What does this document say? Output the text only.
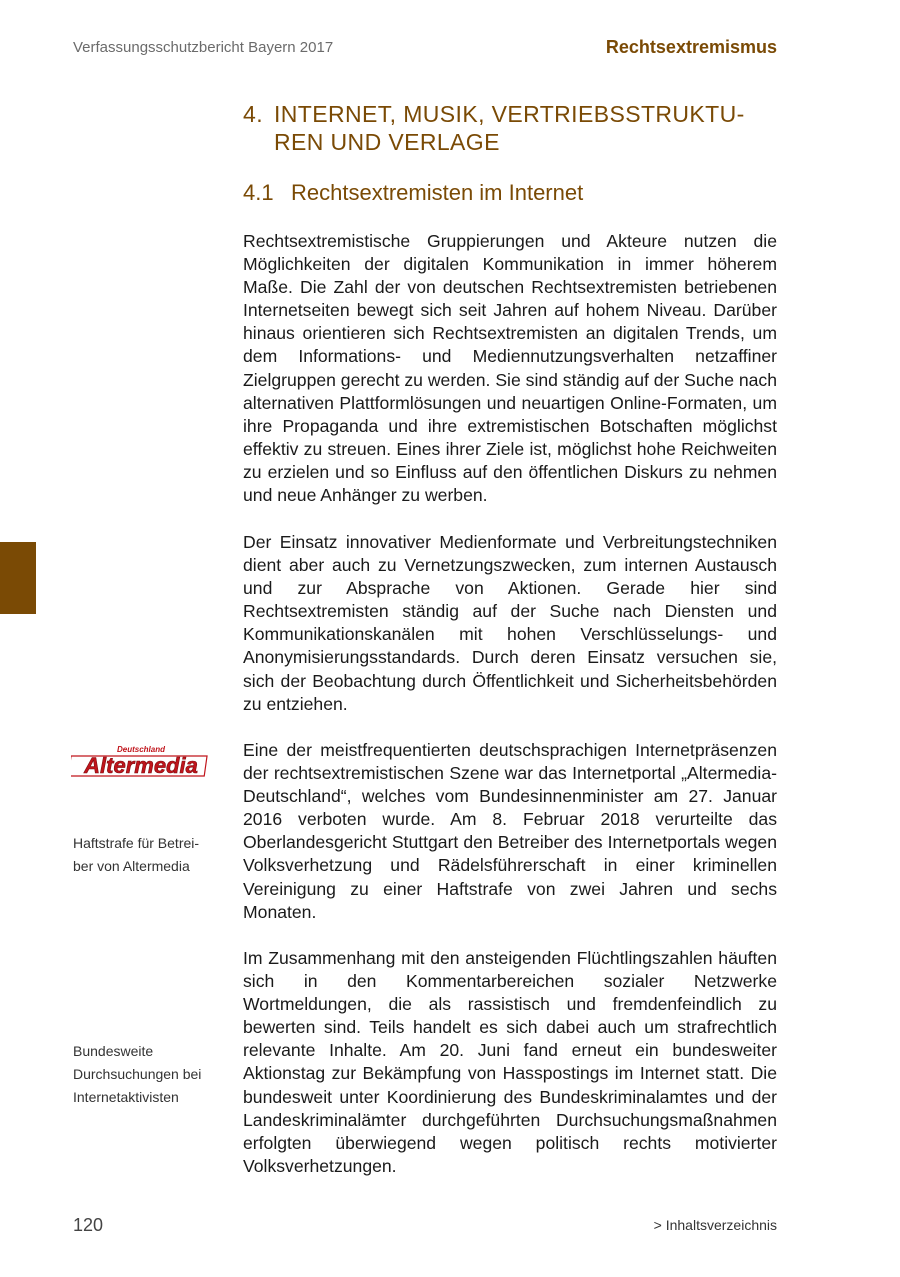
Verfassungsschutzbericht Bayern 2017	Rechtsextremismus
4. INTERNET, MUSIK, VERTRIEBSSTRUKTU-
REN UND VERLAGE
4.1 Rechtsextremisten im Internet

Rechtsextremistische Gruppierungen und Akteure nutzen die Möglichkeiten der digitalen Kommunikation in immer höherem Maße. Die Zahl der von deutschen Rechtsextremisten betriebenen Internetseiten bewegt sich seit Jahren auf hohem Niveau. Darüber hinaus orientieren sich Rechtsextremisten an digitalen Trends, um dem Informations- und Mediennutzungsverhalten netzaffiner Zielgruppen gerecht zu werden. Sie sind ständig auf der Suche nach alternativen Plattformlösungen und neuartigen Online-Formaten, um ihre Propaganda und ihre extremistischen Botschaften möglichst effektiv zu streuen. Eines ihrer Ziele ist, möglichst hohe Reichweiten zu erzielen und so Einfluss auf den öffentlichen Diskurs zu nehmen und neue Anhänger zu werben.

Der Einsatz innovativer Medienformate und Verbreitungstechniken dient aber auch zu Vernetzungszwecken, zum internen Austausch und zur Absprache von Aktionen. Gerade hier sind Rechtsextremisten ständig auf der Suche nach Diensten und Kommunikationskanälen mit hohen Verschlüsselungs- und Anonymisierungsstandards. Durch deren Einsatz versuchen sie, sich der Beobachtung durch Öffentlichkeit und Sicherheitsbehörden zu entziehen.

Eine der meistfrequentierten deutschsprachigen Internetpräsenzen der rechtsextremistischen Szene war das Internetportal „Altermedia-Deutschland“, welches vom Bundesinnenminister am 27. Januar 2016 verboten wurde. Am 8. Februar 2018 verurteilte das Oberlandesgericht Stuttgart den Betreiber des Internetportals wegen Volksverhetzung und Rädelsführerschaft in einer kriminellen Vereinigung zu einer Haftstrafe von zwei Jahren und sechs Monaten.

Im Zusammenhang mit den ansteigenden Flüchtlingszahlen häuften sich in den Kommentarbereichen sozialer Netzwerke Wortmeldungen, die als rassistisch und fremdenfeindlich zu bewerten sind. Teils handelt es sich dabei auch um strafrechtlich relevante Inhalte. Am 20. Juni fand erneut ein bundesweiter Aktionstag zur Bekämpfung von Hasspostings im Internet statt. Die bundesweit unter Koordinierung des Bundeskriminalamtes und der Landeskriminalämter durchgeführten Durchsuchungsmaßnahmen erfolgten überwiegend wegen politisch rechts motivierter Volksverhetzungen.

Deutschland
Altermedia
Haftstrafe für Betrei-ber von Altermedia
Bundesweite Durchsuchungen bei Internetaktivisten
120	> Inhaltsverzeichnis
